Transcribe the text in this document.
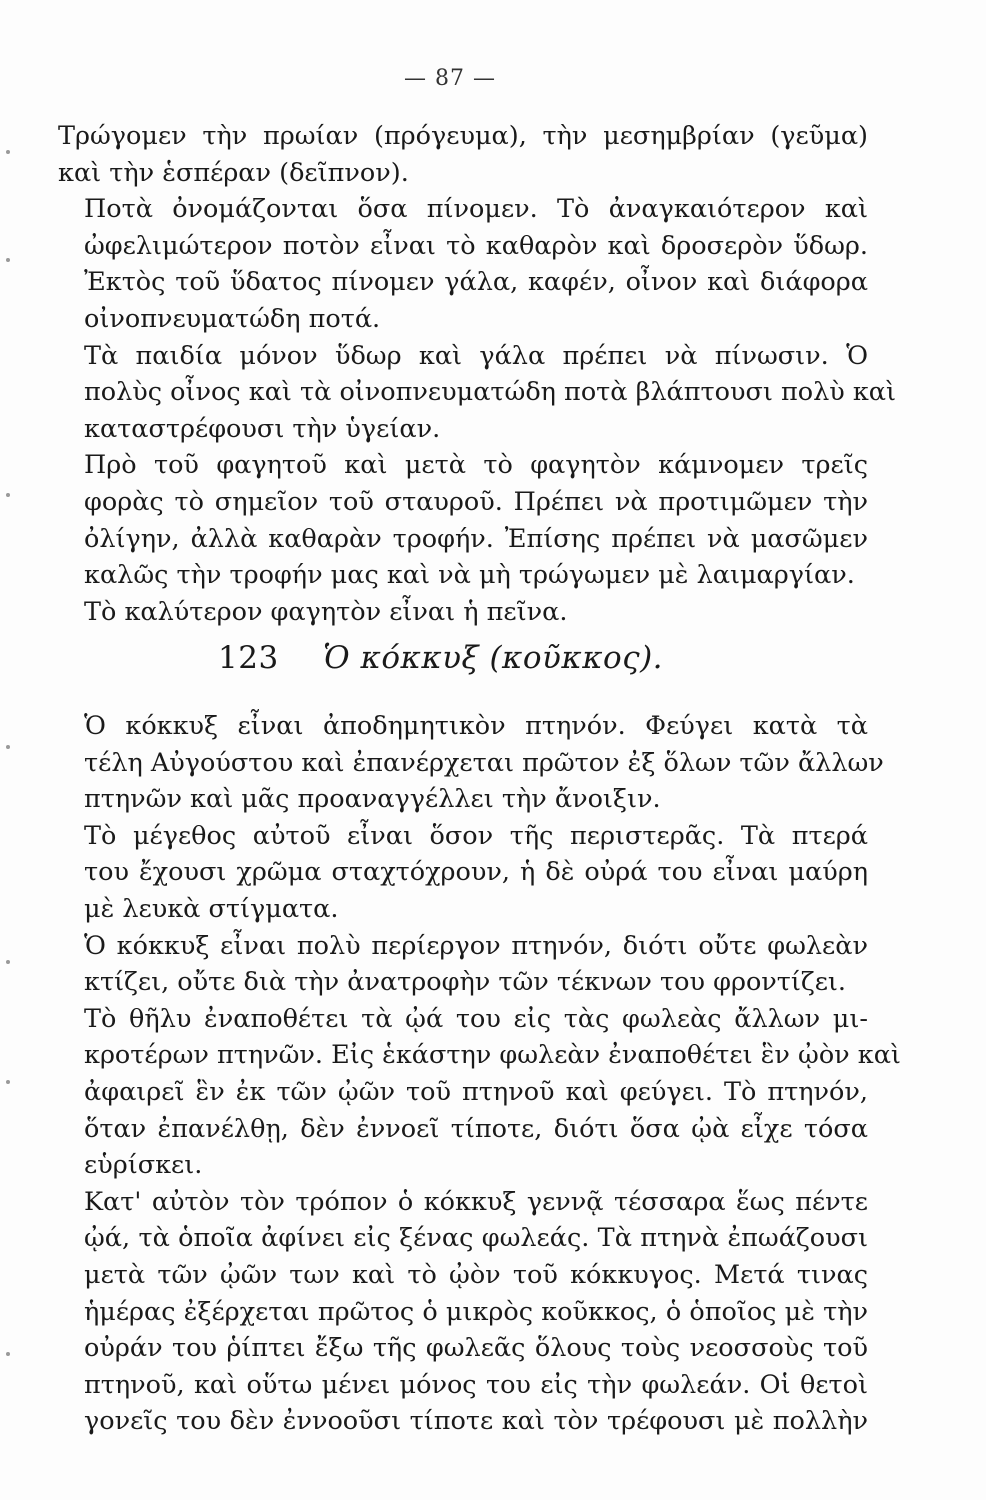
— 87 —

Τρώγομεν τὴν πρωίαν (πρόγευμα), τὴν μεσημβρίαν (γεῦμα)
καὶ τὴν ἑσπέραν (δεῖπνον).

Ποτὰ ὀνομάζονται ὅσα πίνομεν. Τὸ ἀναγκαιότερον καὶ
ὠφελιμώτερον ποτὸν εἶναι τὸ καθαρὸν καὶ δροσερὸν ὕδωρ.
Ἐκτὸς τοῦ ὕδατος πίνομεν γάλα, καφέν, οἶνον καὶ διάφορα
οἰνοπνευματώδη ποτά.

Τὰ παιδία μόνον ὕδωρ καὶ γάλα πρέπει νὰ πίνωσιν. Ὁ
πολὺς οἶνος καὶ τὰ οἰνοπνευματώδη ποτὰ βλάπτουσι πολὺ καὶ
καταστρέφουσι τὴν ὑγείαν.

Πρὸ τοῦ φαγητοῦ καὶ μετὰ τὸ φαγητὸν κάμνομεν τρεῖς
φορὰς τὸ σημεῖον τοῦ σταυροῦ. Πρέπει νὰ προτιμῶμεν τὴν
ὀλίγην, ἀλλὰ καθαρὰν τροφήν. Ἐπίσης πρέπει νὰ μασῶμεν
καλῶς τὴν τροφήν μας καὶ νὰ μὴ τρώγωμεν μὲ λαιμαργίαν.

Τὸ καλύτερον φαγητὸν εἶναι ἡ πεῖνα.

123 Ὁ κόκκυξ (κοῦκκος).

Ὁ κόκκυξ εἶναι ἀποδημητικὸν πτηνόν. Φεύγει κατὰ τὰ
τέλη Αὐγούστου καὶ ἐπανέρχεται πρῶτον ἐξ ὅλων τῶν ἄλλων
πτηνῶν καὶ μᾶς προαναγγέλλει τὴν ἄνοιξιν.

Τὸ μέγεθος αὐτοῦ εἶναι ὅσον τῆς περιστερᾶς. Τὰ πτερά
του ἔχουσι χρῶμα σταχτόχρουν, ἡ δὲ οὐρά του εἶναι μαύρη
μὲ λευκὰ στίγματα.

Ὁ κόκκυξ εἶναι πολὺ περίεργον πτηνόν, διότι οὔτε φωλεὰν
κτίζει, οὔτε διὰ τὴν ἀνατροφὴν τῶν τέκνων του φροντίζει.

Τὸ θῆλυ ἐναποθέτει τὰ ᾠά του εἰς τὰς φωλεὰς ἄλλων μι-
κροτέρων πτηνῶν. Εἰς ἑκάστην φωλεὰν ἐναποθέτει ἓν ᾠὸν καὶ
ἀφαιρεῖ ἓν ἐκ τῶν ᾠῶν τοῦ πτηνοῦ καὶ φεύγει. Τὸ πτηνόν,
ὅταν ἐπανέλθῃ, δὲν ἐννοεῖ τίποτε, διότι ὅσα ᾠὰ εἶχε τόσα
εὑρίσκει.

Κατ' αὐτὸν τὸν τρόπον ὁ κόκκυξ γεννᾷ τέσσαρα ἕως πέντε
ᾠά, τὰ ὁποῖα ἀφίνει εἰς ξένας φωλεάς. Τὰ πτηνὰ ἐπωάζουσι
μετὰ τῶν ᾠῶν των καὶ τὸ ᾠὸν τοῦ κόκκυγος. Μετά τινας
ἡμέρας ἐξέρχεται πρῶτος ὁ μικρὸς κοῦκκος, ὁ ὁποῖος μὲ τὴν
οὐράν του ῥίπτει ἔξω τῆς φωλεᾶς ὅλους τοὺς νεοσσοὺς τοῦ
πτηνοῦ, καὶ οὕτω μένει μόνος του εἰς τὴν φωλεάν. Οἱ θετοὶ
γονεῖς του δὲν ἐννοοῦσι τίποτε καὶ τὸν τρέφουσι μὲ πολλὴν
